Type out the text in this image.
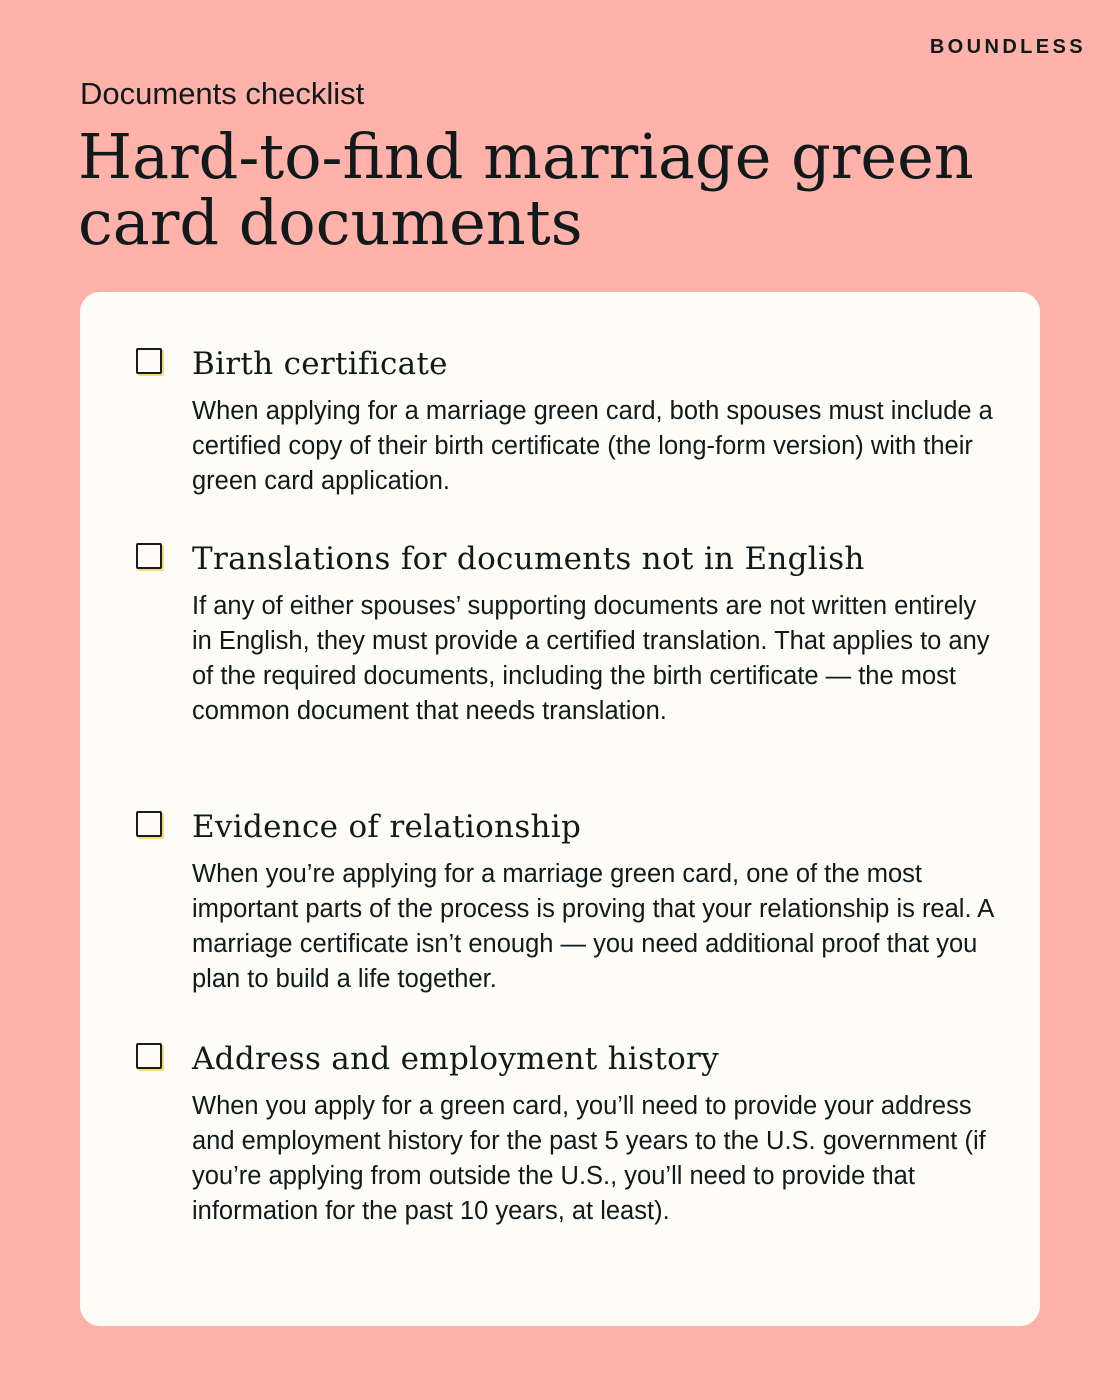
BOUNDLESS
Documents checklist
Hard-to-find marriage green card documents
Birth certificate

When applying for a marriage green card, both spouses must include a certified copy of their birth certificate (the long-form version) with their green card application.

Translations for documents not in English

If any of either spouses’ supporting documents are not written entirely in English, they must provide a certified translation. That applies to any of the required documents, including the birth certificate — the most common document that needs translation.

Evidence of relationship

When you’re applying for a marriage green card, one of the most important parts of the process is proving that your relationship is real. A marriage certificate isn’t enough — you need additional proof that you plan to build a life together.

Address and employment history

When you apply for a green card, you’ll need to provide your address and employment history for the past 5 years to the U.S. government (if you’re applying from outside the U.S., you’ll need to provide that information for the past 10 years, at least).
